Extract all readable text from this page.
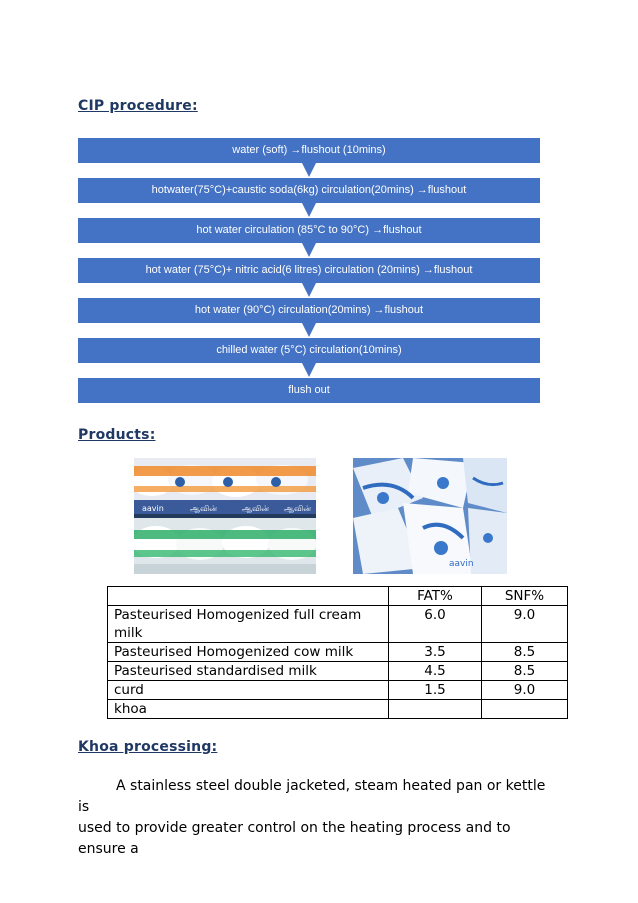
CIP procedure:
water (soft) →flushout (10mins)
hotwater(75°C)+caustic soda(6kg) circulation(20mins) →flushout
hot water circulation (85°C to 90°C) →flushout
hot water (75°C)+ nitric acid(6 litres) circulation (20mins) →flushout
hot water (90°C) circulation(20mins) →flushout
chilled water (5°C) circulation(10mins)
flush out
Products:
aavin	ஆவின்	ஆவின் ஆவின்
aavin
	FAT%	SNF%
Pasteurised Homogenized full cream milk	6.0	9.0
Pasteurised Homogenized cow milk	3.5	8.5
Pasteurised standardised milk	4.5	8.5
curd	1.5	9.0
khoa		
Khoa processing:

A stainless steel double jacketed, steam heated pan or kettle is

used to provide greater control on the heating process and to ensure a
